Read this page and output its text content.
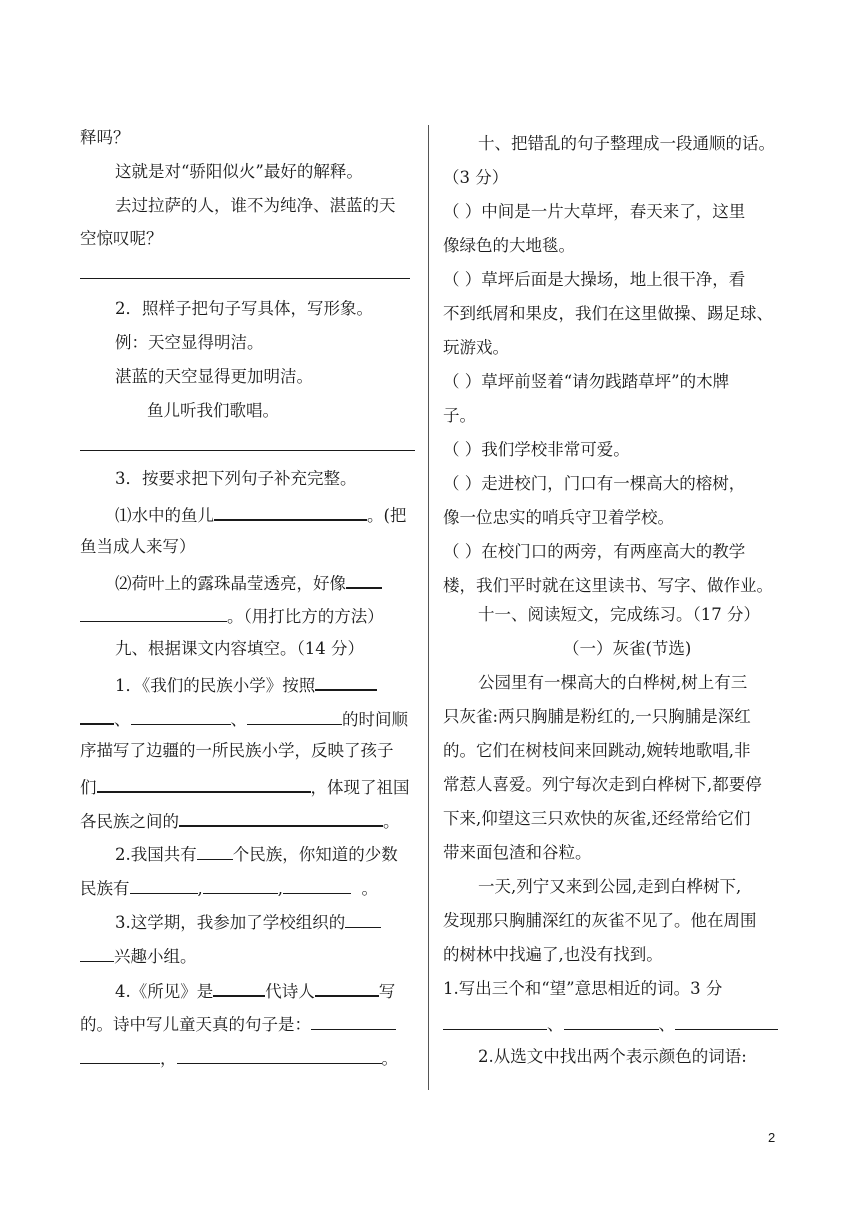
释吗？
这就是对“骄阳似火”最好的解释。
去过拉萨的人，谁不为纯净、湛蓝的天
空惊叹呢？
2．照样子把句子写具体，写形象。
例：天空显得明洁。
湛蓝的天空显得更加明洁。
鱼儿听我们歌唱。
3．按要求把下列句子补充完整。
⑴水中的鱼儿	。(把
鱼当成人来写）
⑵荷叶上的露珠晶莹透亮，好像
。（用打比方的方法）
九、根据课文内容填空。（14 分）
1．《我们的民族小学》按照
、	、	的时间顺
序描写了边疆的一所民族小学，反映了孩子
们	，体现了祖国
各民族之间的	。
2.我国共有 个民族，你知道的少数
民族有	,	,	。
3.这学期，我参加了学校组织的
兴趣小组。
4.《所见》是	代诗人	写
的。诗中写儿童天真的句子是：
，	。
十、把错乱的句子整理成一段通顺的话。
（3 分）
（ ）中间是一片大草坪，春天来了，这里
像绿色的大地毯。
（ ）草坪后面是大操场，地上很干净，看
不到纸屑和果皮，我们在这里做操、踢足球、
玩游戏。
（ ）草坪前竖着“请勿践踏草坪”的木牌
子。
（ ）我们学校非常可爱。
（ ）走进校门，门口有一棵高大的榕树，
像一位忠实的哨兵守卫着学校。
（ ）在校门口的两旁，有两座高大的教学
楼，我们平时就在这里读书、写字、做作业。
十一、阅读短文，完成练习。（17 分）
（一）灰雀(节选)
公园里有一棵高大的白桦树,树上有三
只灰雀:两只胸脯是粉红的,一只胸脯是深红
的。它们在树枝间来回跳动,婉转地歌唱,非
常惹人喜爱。列宁每次走到白桦树下,都要停
下来,仰望这三只欢快的灰雀,还经常给它们
带来面包渣和谷粒。
一天,列宁又来到公园,走到白桦树下,
发现那只胸脯深红的灰雀不见了。他在周围
的树林中找遍了,也没有找到。
1.写出三个和“望”意思相近的词。3 分
、	、
2.从选文中找出两个表示颜色的词语:
2
